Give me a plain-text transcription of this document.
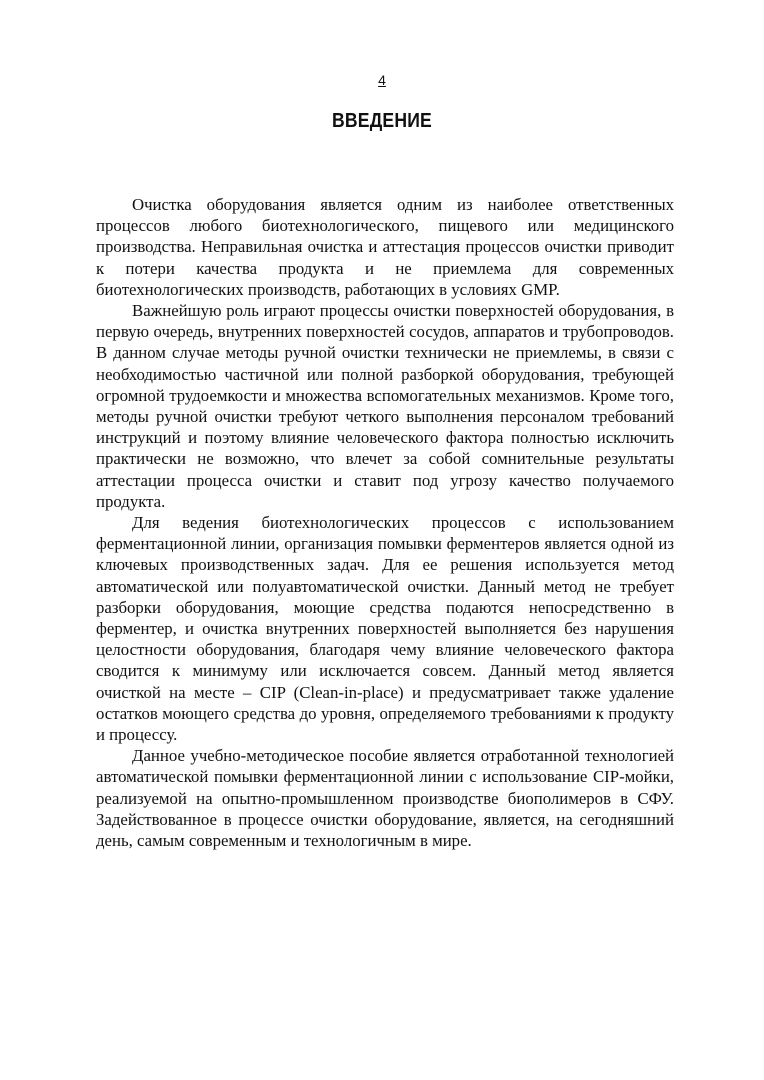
4
ВВЕДЕНИЕ

Очистка оборудования является одним из наиболее ответственных процессов любого биотехнологического, пищевого или медицинского производства. Неправильная очистка и аттестация процессов очистки приводит к потери качества продукта и не приемлема для современных биотехнологических производств, работающих в условиях GMP.

Важнейшую роль играют процессы очистки поверхностей оборудования, в первую очередь, внутренних поверхностей сосудов, аппаратов и трубопроводов. В данном случае методы ручной очистки технически не приемлемы, в связи с необходимостью частичной или полной разборкой оборудования, требующей огромной трудоемкости и множества вспомогательных механизмов. Кроме того, методы ручной очистки требуют четкого выполнения персоналом требований инструкций и поэтому влияние человеческого фактора полностью исключить практически не возможно, что влечет за собой сомнительные результаты аттестации процесса очистки и ставит под угрозу качество получаемого продукта.

Для ведения биотехнологических процессов с использованием ферментационной линии, организация помывки ферментеров является одной из ключевых производственных задач. Для ее решения используется метод автоматической или полуавтоматической очистки. Данный метод не требует разборки оборудования, моющие средства подаются непосредственно в ферментер, и очистка внутренних поверхностей выполняется без нарушения целостности оборудования, благодаря чему влияние человеческого фактора сводится к минимуму или исключается совсем. Данный метод является очисткой на месте – CIP (Clean-in-place) и предусматривает также удаление остатков моющего средства до уровня, определяемого требованиями к продукту и процессу.

Данное учебно-методическое пособие является отработанной технологией автоматической помывки ферментационной линии с использование CIP-мойки, реализуемой на опытно-промышленном производстве биополимеров в СФУ. Задействованное в процессе очистки оборудование, является, на сегодняшний день, самым современным и технологичным в мире.
